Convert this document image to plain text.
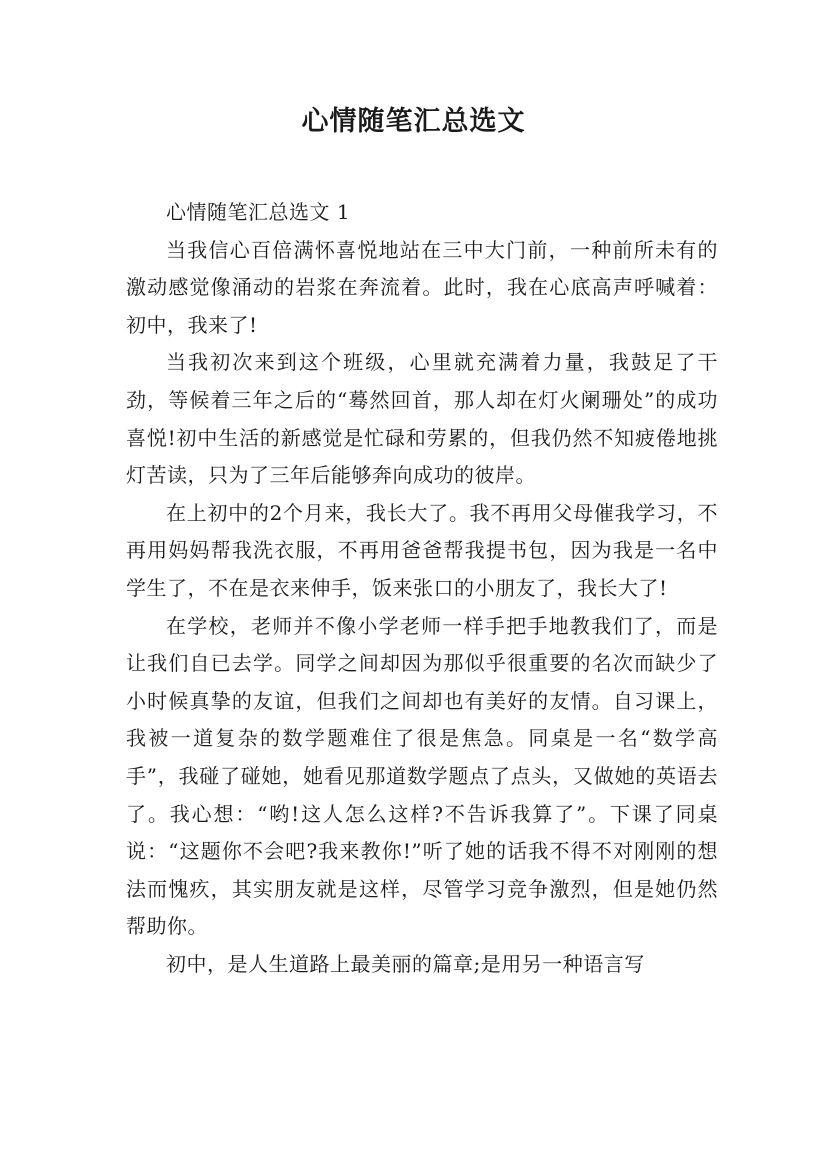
心情随笔汇总选文

心情随笔汇总选文 1

当我信心百倍满怀喜悦地站在三中大门前，一种前所未有的激动感觉像涌动的岩浆在奔流着。此时，我在心底高声呼喊着：初中，我来了!

当我初次来到这个班级，心里就充满着力量，我鼓足了干劲，等候着三年之后的“蓦然回首，那人却在灯火阑珊处”的成功喜悦!初中生活的新感觉是忙碌和劳累的，但我仍然不知疲倦地挑灯苦读，只为了三年后能够奔向成功的彼岸。

在上初中的2个月来，我长大了。我不再用父母催我学习，不再用妈妈帮我洗衣服，不再用爸爸帮我提书包，因为我是一名中学生了，不在是衣来伸手，饭来张口的小朋友了，我长大了!

在学校，老师并不像小学老师一样手把手地教我们了，而是让我们自已去学。同学之间却因为那似乎很重要的名次而缺少了小时候真挚的友谊，但我们之间却也有美好的友情。自习课上，我被一道复杂的数学题难住了很是焦急。同桌是一名“数学高手”，我碰了碰她，她看见那道数学题点了点头，又做她的英语去了。我心想：“哟!这人怎么这样?不告诉我算了”。下课了同桌说：“这题你不会吧?我来教你!”听了她的话我不得不对刚刚的想法而愧疚，其实朋友就是这样，尽管学习竞争激烈，但是她仍然帮助你。

初中，是人生道路上最美丽的篇章;是用另一种语言写
